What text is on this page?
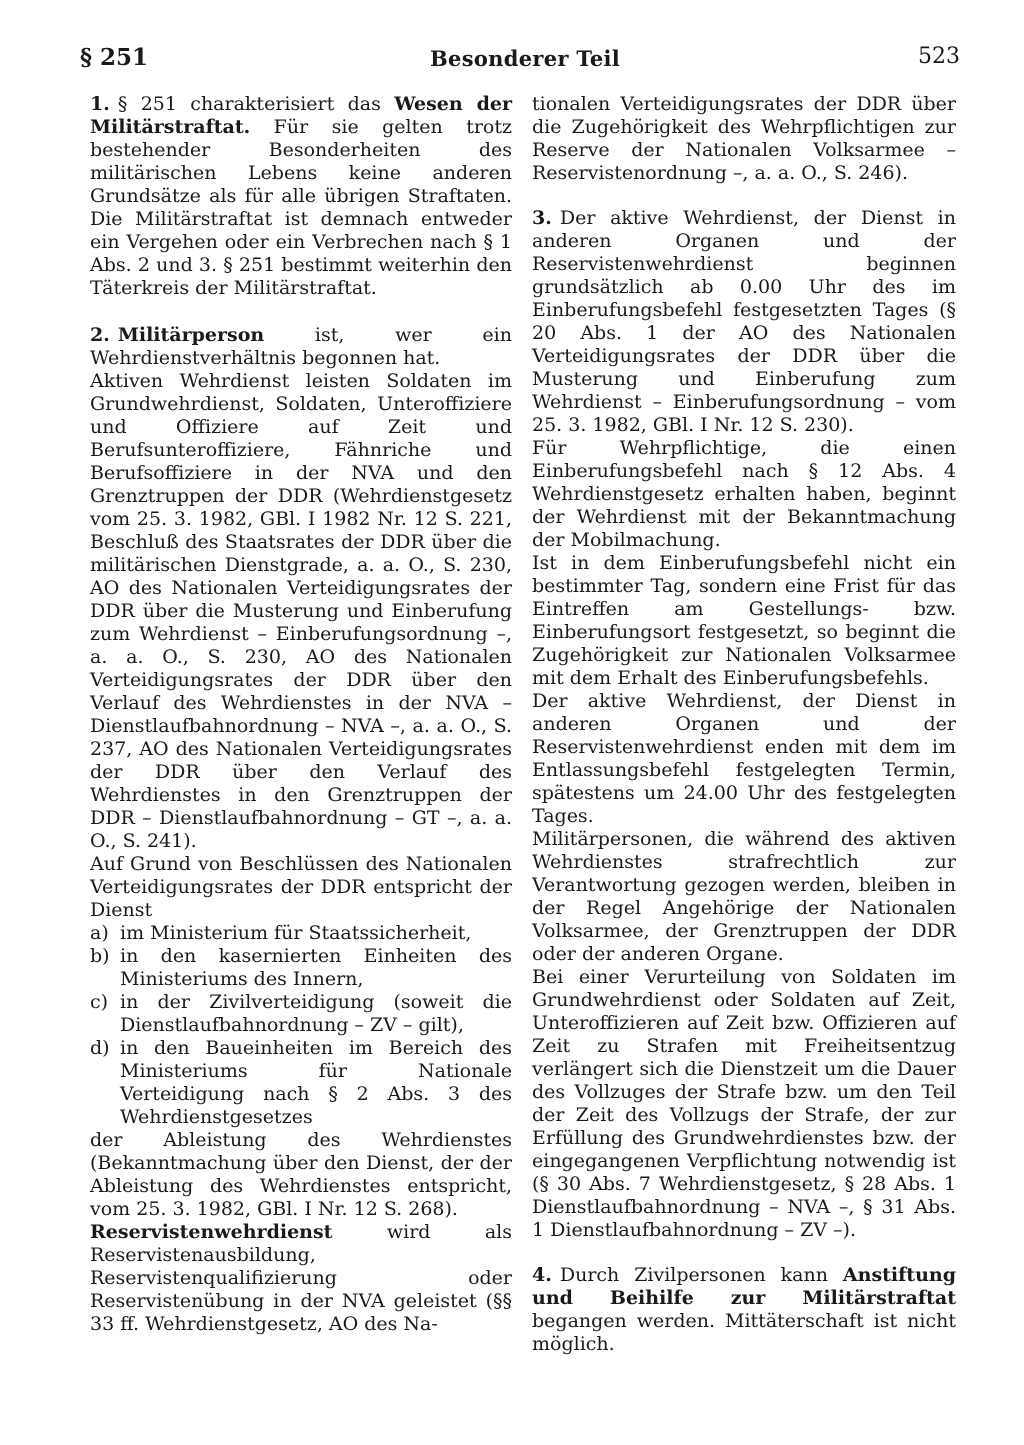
§ 251	Besonderer Teil	523

1. § 251 charakterisiert das Wesen der Militärstraftat. Für sie gelten trotz bestehender Besonderheiten des militärischen Lebens keine anderen Grundsätze als für alle übrigen Straftaten. Die Militärstraftat ist demnach entweder ein Vergehen oder ein Verbrechen nach § 1 Abs. 2 und 3. § 251 bestimmt weiterhin den Täterkreis der Militärstraftat.

2. Militärperson ist, wer ein Wehrdienstverhältnis begonnen hat.

Aktiven Wehrdienst leisten Soldaten im Grundwehrdienst, Soldaten, Unteroffiziere und Offiziere auf Zeit und Berufsunteroffiziere, Fähnriche und Berufsoffiziere in der NVA und den Grenztruppen der DDR (Wehrdienstgesetz vom 25. 3. 1982, GBl. I 1982 Nr. 12 S. 221, Beschluß des Staatsrates der DDR über die militärischen Dienstgrade, a. a. O., S. 230, AO des Nationalen Verteidigungsrates der DDR über die Musterung und Einberufung zum Wehrdienst – Einberufungsordnung –, a. a. O., S. 230, AO des Nationalen Verteidigungsrates der DDR über den Verlauf des Wehrdienstes in der NVA – Dienstlaufbahnordnung – NVA –, a. a. O., S. 237, AO des Nationalen Verteidigungsrates der DDR über den Verlauf des Wehrdienstes in den Grenztruppen der DDR – Dienstlaufbahnordnung – GT –, a. a. O., S. 241).

Auf Grund von Beschlüssen des Nationalen Verteidigungsrates der DDR entspricht der Dienst

a) im Ministerium für Staatssicherheit,
b) in den kasernierten Einheiten des Ministeriums des Innern,
c) in der Zivilverteidigung (soweit die Dienstlaufbahnordnung – ZV – gilt),
d) in den Baueinheiten im Bereich des Ministeriums für Nationale Verteidigung nach § 2 Abs. 3 des Wehrdienstgesetzes

der Ableistung des Wehrdienstes (Bekanntmachung über den Dienst, der der Ableistung des Wehrdienstes entspricht, vom 25. 3. 1982, GBl. I Nr. 12 S. 268).

Reservistenwehrdienst wird als Reservistenausbildung, Reservistenqualifizierung oder Reservistenübung in der NVA geleistet (§§ 33 ff. Wehrdienstgesetz, AO des Na-

tionalen Verteidigungsrates der DDR über die Zugehörigkeit des Wehrpflichtigen zur Reserve der Nationalen Volksarmee – Reservistenordnung –, a. a. O., S. 246).

3. Der aktive Wehrdienst, der Dienst in anderen Organen und der Reservistenwehrdienst beginnen grundsätzlich ab 0.00 Uhr des im Einberufungsbefehl festgesetzten Tages (§ 20 Abs. 1 der AO des Nationalen Verteidigungsrates der DDR über die Musterung und Einberufung zum Wehrdienst – Einberufungsordnung – vom 25. 3. 1982, GBl. I Nr. 12 S. 230).

Für Wehrpflichtige, die einen Einberufungsbefehl nach § 12 Abs. 4 Wehrdienstgesetz erhalten haben, beginnt der Wehrdienst mit der Bekanntmachung der Mobilmachung.

Ist in dem Einberufungsbefehl nicht ein bestimmter Tag, sondern eine Frist für das Eintreffen am Gestellungs- bzw. Einberufungsort festgesetzt, so beginnt die Zugehörigkeit zur Nationalen Volksarmee mit dem Erhalt des Einberufungsbefehls.

Der aktive Wehrdienst, der Dienst in anderen Organen und der Reservistenwehrdienst enden mit dem im Entlassungsbefehl festgelegten Termin, spätestens um 24.00 Uhr des festgelegten Tages.

Militärpersonen, die während des aktiven Wehrdienstes strafrechtlich zur Verantwortung gezogen werden, bleiben in der Regel Angehörige der Nationalen Volksarmee, der Grenztruppen der DDR oder der anderen Organe.

Bei einer Verurteilung von Soldaten im Grundwehrdienst oder Soldaten auf Zeit, Unteroffizieren auf Zeit bzw. Offizieren auf Zeit zu Strafen mit Freiheitsentzug verlängert sich die Dienstzeit um die Dauer des Vollzuges der Strafe bzw. um den Teil der Zeit des Vollzugs der Strafe, der zur Erfüllung des Grundwehrdienstes bzw. der eingegangenen Verpflichtung notwendig ist (§ 30 Abs. 7 Wehrdienstgesetz, § 28 Abs. 1 Dienstlaufbahnordnung – NVA –, § 31 Abs. 1 Dienstlaufbahnordnung – ZV –).

4. Durch Zivilpersonen kann Anstiftung und Beihilfe zur Militärstraftat begangen werden. Mittäterschaft ist nicht möglich.
